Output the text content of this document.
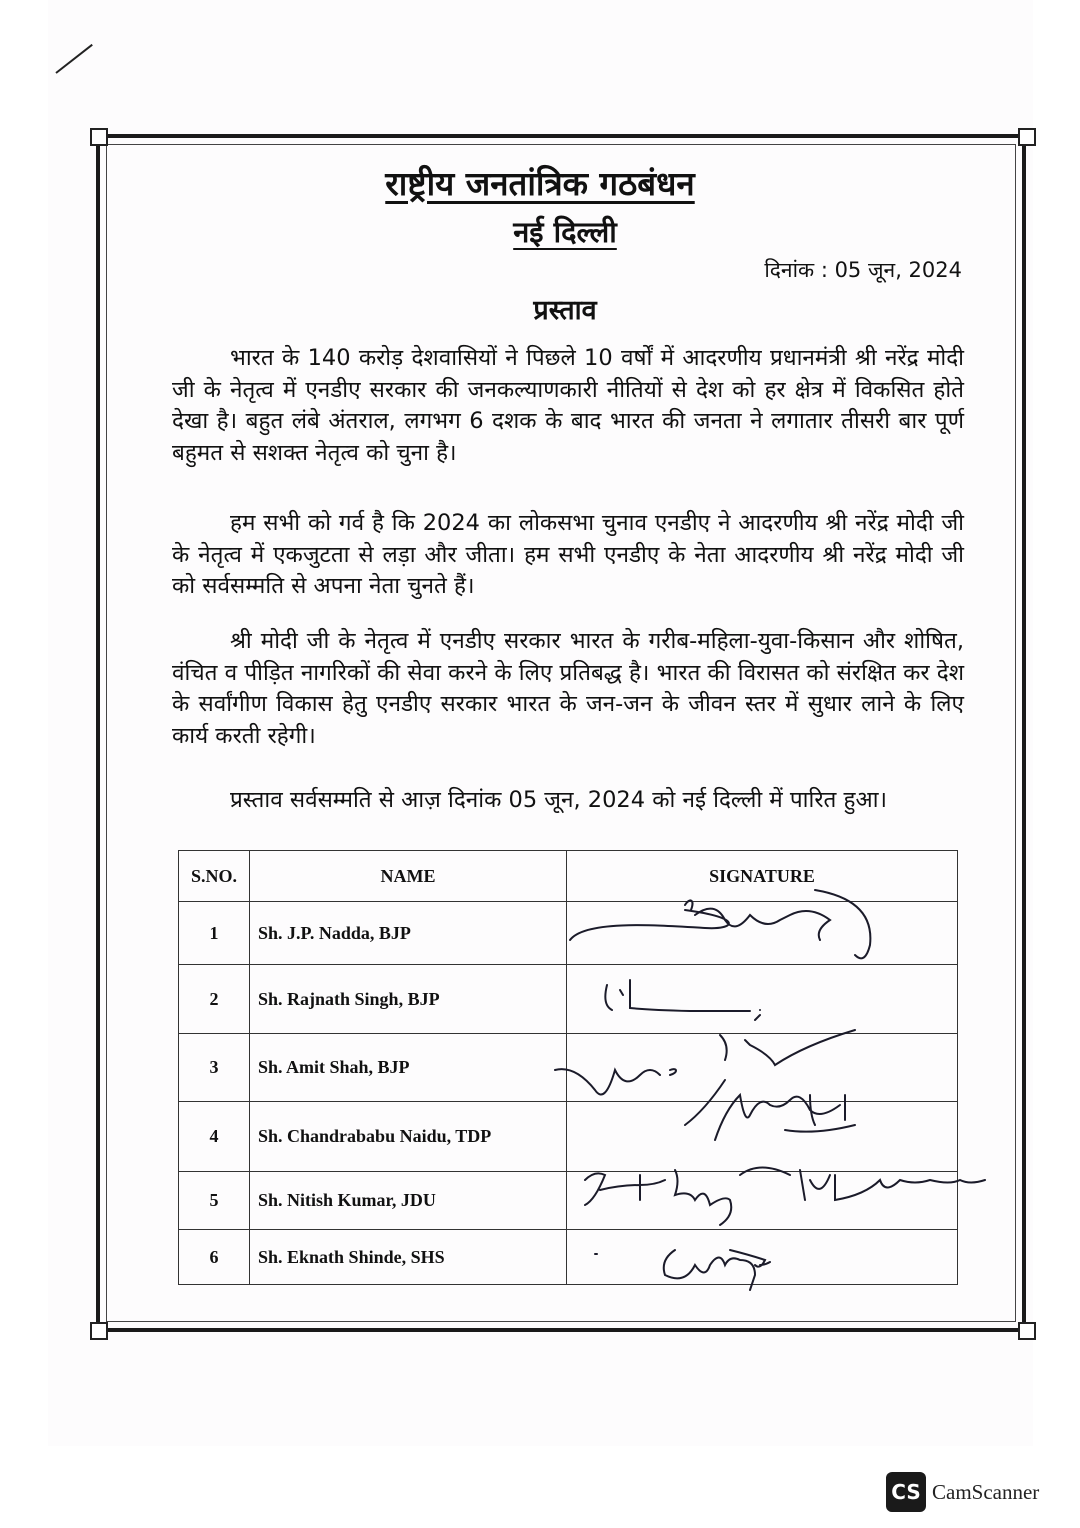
राष्ट्रीय जनतांत्रिक गठबंधन
नई दिल्ली
दिनांक : 05 जून, 2024
प्रस्ताव
भारत के 140 करोड़ देशवासियों ने पिछले 10 वर्षों में आदरणीय प्रधानमंत्री श्री नरेंद्र मोदी जी के नेतृत्व में एनडीए सरकार की जनकल्याणकारी नीतियों से देश को हर क्षेत्र में विकसित होते देखा है। बहुत लंबे अंतराल, लगभग 6 दशक के बाद भारत की जनता ने लगातार तीसरी बार पूर्ण बहुमत से सशक्त नेतृत्व को चुना है।
हम सभी को गर्व है कि 2024 का लोकसभा चुनाव एनडीए ने आदरणीय श्री नरेंद्र मोदी जी के नेतृत्व में एकजुटता से लड़ा और जीता। हम सभी एनडीए के नेता आदरणीय श्री नरेंद्र मोदी जी को सर्वसम्मति से अपना नेता चुनते हैं।
श्री मोदी जी के नेतृत्व में एनडीए सरकार भारत के गरीब-महिला-युवा-किसान और शोषित, वंचित व पीड़ित नागरिकों की सेवा करने के लिए प्रतिबद्ध है। भारत की विरासत को संरक्षित कर देश के सर्वांगीण विकास हेतु एनडीए सरकार भारत के जन-जन के जीवन स्तर में सुधार लाने के लिए कार्य करती रहेगी।
प्रस्ताव सर्वसम्मति से आज़ दिनांक 05 जून, 2024 को नई दिल्ली में पारित हुआ।
S.NO.	NAME	SIGNATURE
1	Sh. J.P. Nadda, BJP	
2	Sh. Rajnath Singh, BJP	
3	Sh. Amit Shah, BJP	
4	Sh. Chandrababu Naidu, TDP	
5	Sh. Nitish Kumar, JDU	
6	Sh. Eknath Shinde, SHS	
CS CamScanner
